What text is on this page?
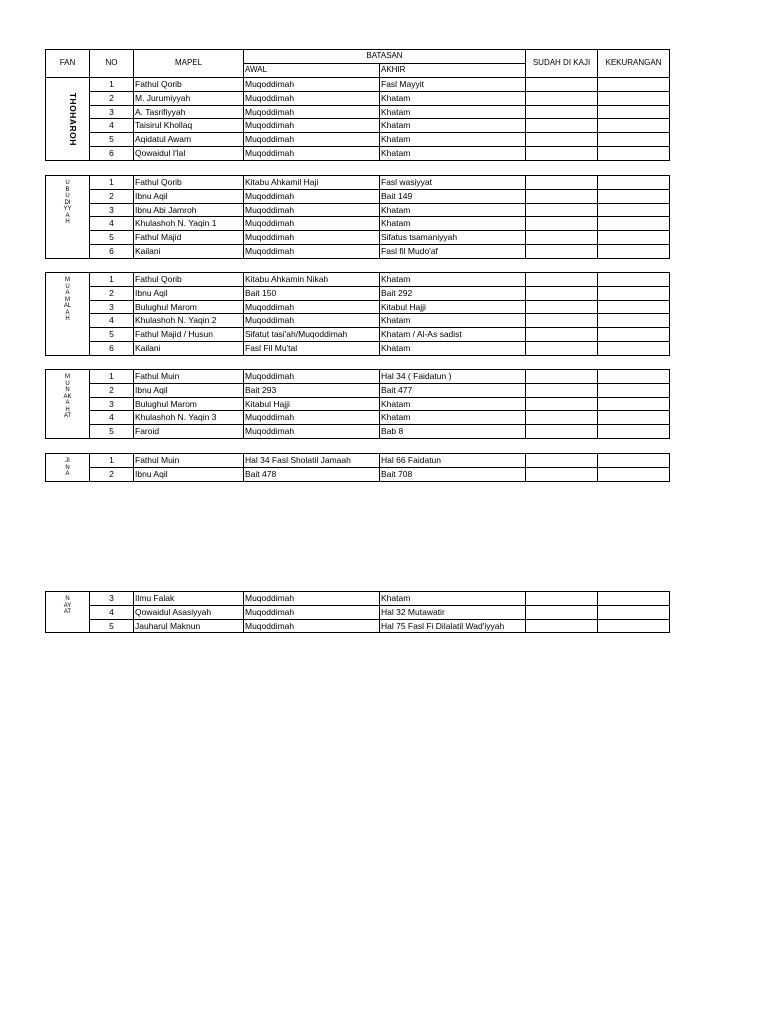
FAN	NO	MAPEL	BATASAN		SUDAH DI KAJI	KEKURANGAN
			AWAL	AKHIR		
THOHAROH	1	Fathul Qorib	Muqoddimah	Fasl Mayyit		
	2	M. Jurumiyyah	Muqoddimah	Khatam		
	3	A. Tasrifiyyah	Muqoddimah	Khatam		
	4	Taisirul Khollaq	Muqoddimah	Khatam		
	5	Aqidatul Awam	Muqoddimah	Khatam		
	6	Qowaidul I'lal	Muqoddimah	Khatam		
UBUDIYYAH	1	Fathul Qorib	Kitabu Ahkamil Haji	Fasl wasiyyat		
	2	Ibnu Aqil	Muqoddimah	Bait 149		
	3	Ibnu Abi Jamroh	Muqoddimah	Khatam		
	4	Khulashoh N. Yaqin 1	Muqoddimah	Khatam		
	5	Fathul Majid	Muqoddimah	Sifatus tsamaniyyah		
	6	Kailani	Muqoddimah	Fasl fil Mudo'af		
MUAMALAH	1	Fathul Qorib	Kitabu Ahkamin Nikah	Khatam		
	2	Ibnu Aqil	Bait 150	Bait 292		
	3	Bulughul Marom	Muqoddimah	Kitabul Hajji		
	4	Khulashoh N. Yaqin 2	Muqoddimah	Khatam		
	5	Fathul Majid / Husun	Sifatut tasi'ah/Muqoddimah	Khatam / Al-As sadist		
	6	Kailani	Fasl Fil Mu'tal	Khatam		
MUNAKAHAT	1	Fathul Muin	Muqoddimah	Hal 34 ( Faidatun )		
	2	Ibnu Aqil	Bait 293	Bait 477		
	3	Bulughul Marom	Kitabul Hajji	Khatam		
	4	Khulashoh N. Yaqin 3	Muqoddimah	Khatam		
	5	Faroid	Muqoddimah	Bab 8		
JINA	1	Fathul Muin	Hal 34 Fasl Sholatil Jamaah	Hal 66 Faidatun		
	2	Ibnu Aqil	Bait 478	Bait 708		
NAYAT	3	Ilmu Falak	Muqoddimah	Khatam		
	4	Qowaidul Asasiyyah	Muqoddimah	Hal 32 Mutawatir		
	5	Jauharul Maknun	Muqoddimah	Hal 75 Fasl Fi Dilalatil Wad'iyyah		
